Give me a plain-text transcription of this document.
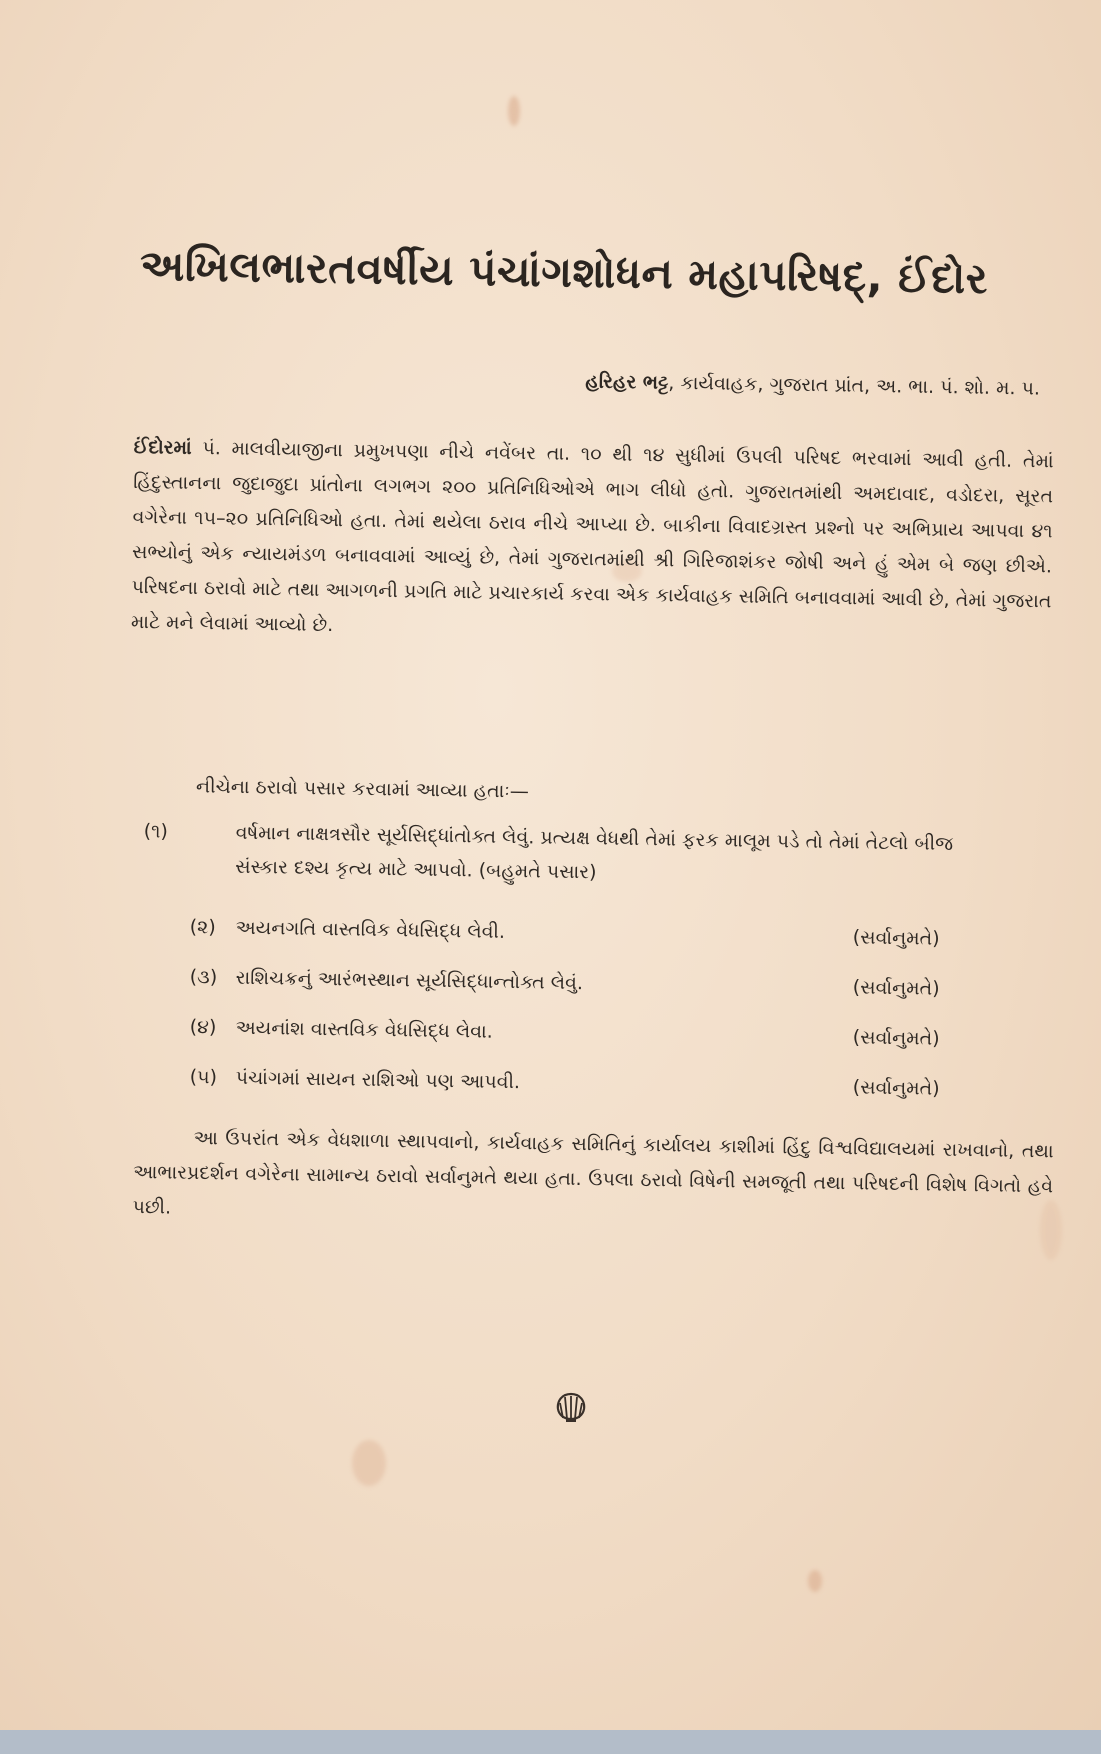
અખિલભારતવર્ષીય પંચાંગશોધન મહાપરિષદ્, ઈંદોર
હરિહર ભટ્ટ, કાર્યવાહક, ગુજરાત પ્રાંત, અ. ભા. પં. શો. મ. પ.
ઈંદોરમાં પં. માલવીયાજીના પ્રમુખપણા નીચે નવેંબર તા. ૧૦ થી ૧૪ સુધીમાં ઉપલી પરિષદ ભરવામાં આવી હતી. તેમાં હિંદુસ્તાનના જુદાજુદા પ્રાંતોના લગભગ ૨૦૦ પ્રતિનિધિઓએ ભાગ લીધો હતો. ગુજરાતમાંથી અમદાવાદ, વડોદરા, સૂરત વગેરેના ૧૫–૨૦ પ્રતિનિધિઓ હતા. તેમાં થયેલા ઠરાવ નીચે આપ્યા છે. બાકીના વિવાદગ્રસ્ત પ્રશ્નો પર અભિપ્રાય આપવા ૪૧ સભ્યોનું એક ન્યાયમંડળ બનાવવામાં આવ્યું છે, તેમાં ગુજરાતમાંથી શ્રી ગિરિજાશંકર જોષી અને હું એમ બે જણ છીએ. પરિષદના ઠરાવો માટે તથા આગળની પ્રગતિ માટે પ્રચારકાર્ય કરવા એક કાર્યવાહક સમિતિ બનાવવામાં આવી છે, તેમાં ગુજરાત માટે મને લેવામાં આવ્યો છે.
નીચેના ઠરાવો પસાર કરવામાં આવ્યા હતાઃ—
(૧)	વર્ષમાન નાક્ષત્રસૌર સૂર્યસિદ્ધાંતોક્ત લેવું. પ્રત્યક્ષ વેધથી તેમાં ફરક માલૂમ પડે તો તેમાં તેટલો બીજ સંસ્કાર દશ્ય કૃત્ય માટે આપવો. (બહુમતે પસાર)
(૨) અયનગતિ વાસ્તવિક વેધસિદ્ધ લેવી.	(સર્વાનુમતે)
(૩) રાશિચક્રનું આરંભસ્થાન સૂર્યસિદ્ધાન્તોક્ત લેવું.	(સર્વાનુમતે)
(૪) અયનાંશ વાસ્તવિક વેધસિદ્ધ લેવા.	(સર્વાનુમતે)
(૫) પંચાંગમાં સાયન રાશિઓ પણ આપવી.	(સર્વાનુમતે)
આ ઉપરાંત એક વેધશાળા સ્થાપવાનો, કાર્યવાહક સમિતિનું કાર્યાલય કાશીમાં હિંદુ વિશ્વવિદ્યાલયમાં રાખવાનો, તથા આભારપ્રદર્શન વગેરેના સામાન્ય ઠરાવો સર્વાનુમતે થયા હતા. ઉપલા ઠરાવો વિષેની સમજૂતી તથા પરિષદની વિશેષ વિગતો હવે પછી.
